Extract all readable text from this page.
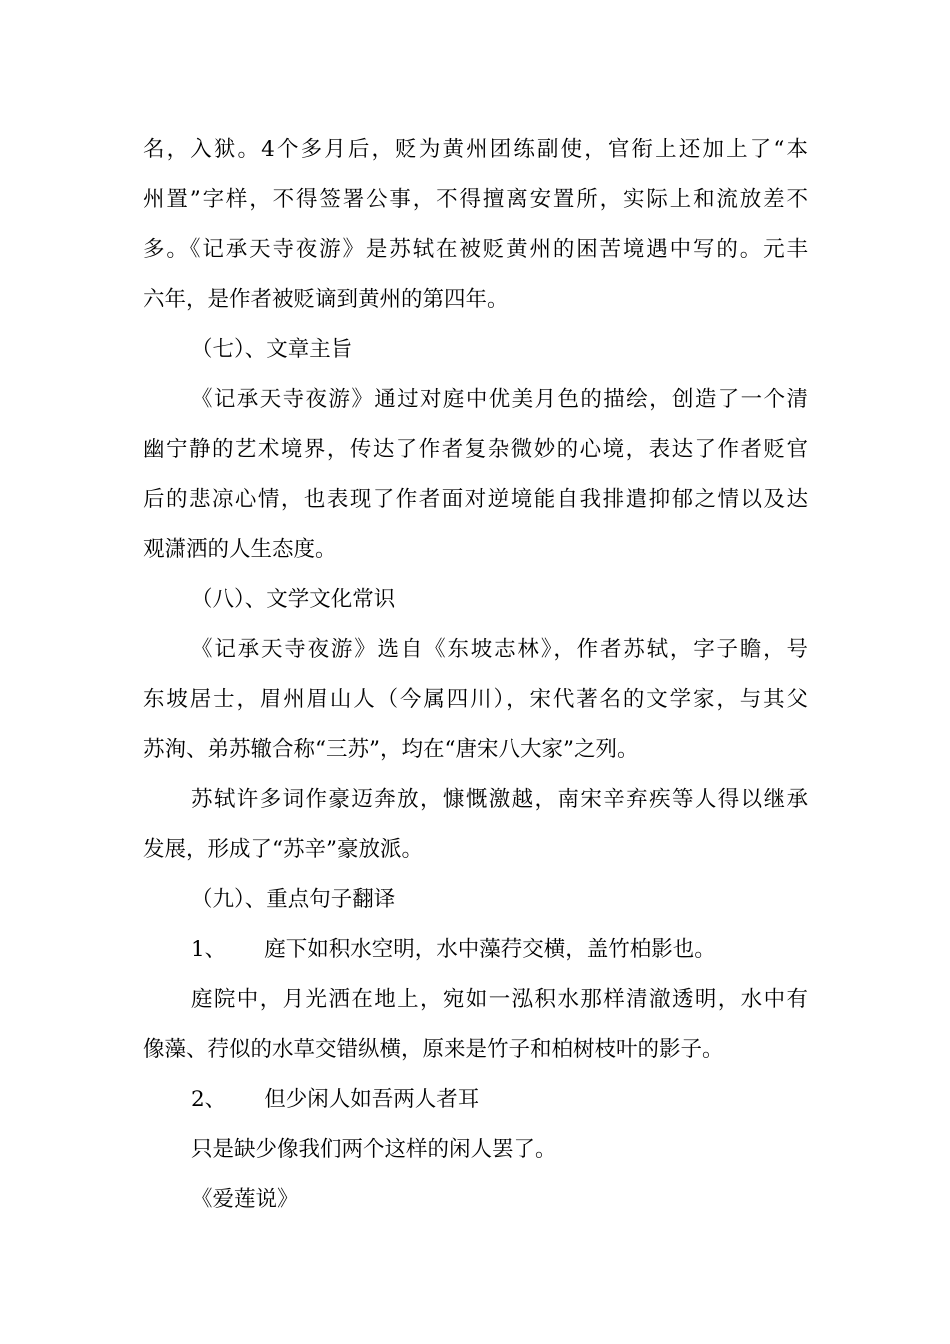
名，入狱。4个多月后，贬为黄州团练副使，官衔上还加上了“本
州置”字样，不得签署公事，不得擅离安置所，实际上和流放差不
多。《记承天寺夜游》是苏轼在被贬黄州的困苦境遇中写的。元丰
六年，是作者被贬谪到黄州的第四年。
（七）、文章主旨
《记承天寺夜游》通过对庭中优美月色的描绘，创造了一个清
幽宁静的艺术境界，传达了作者复杂微妙的心境，表达了作者贬官
后的悲凉心情，也表现了作者面对逆境能自我排遣抑郁之情以及达
观潇洒的人生态度。
（八）、文学文化常识
《记承天寺夜游》选自《东坡志林》，作者苏轼，字子瞻，号
东坡居士，眉州眉山人（今属四川），宋代著名的文学家，与其父
苏洵、弟苏辙合称“三苏”，均在“唐宋八大家”之列。
苏轼许多词作豪迈奔放，慷慨激越，南宋辛弃疾等人得以继承
发展，形成了“苏辛”豪放派。
（九）、重点句子翻译
1、 庭下如积水空明，水中藻荇交横，盖竹柏影也。
庭院中，月光洒在地上，宛如一泓积水那样清澈透明，水中有
像藻、荇似的水草交错纵横，原来是竹子和柏树枝叶的影子。
2、 但少闲人如吾两人者耳
只是缺少像我们两个这样的闲人罢了。
《爱莲说》
